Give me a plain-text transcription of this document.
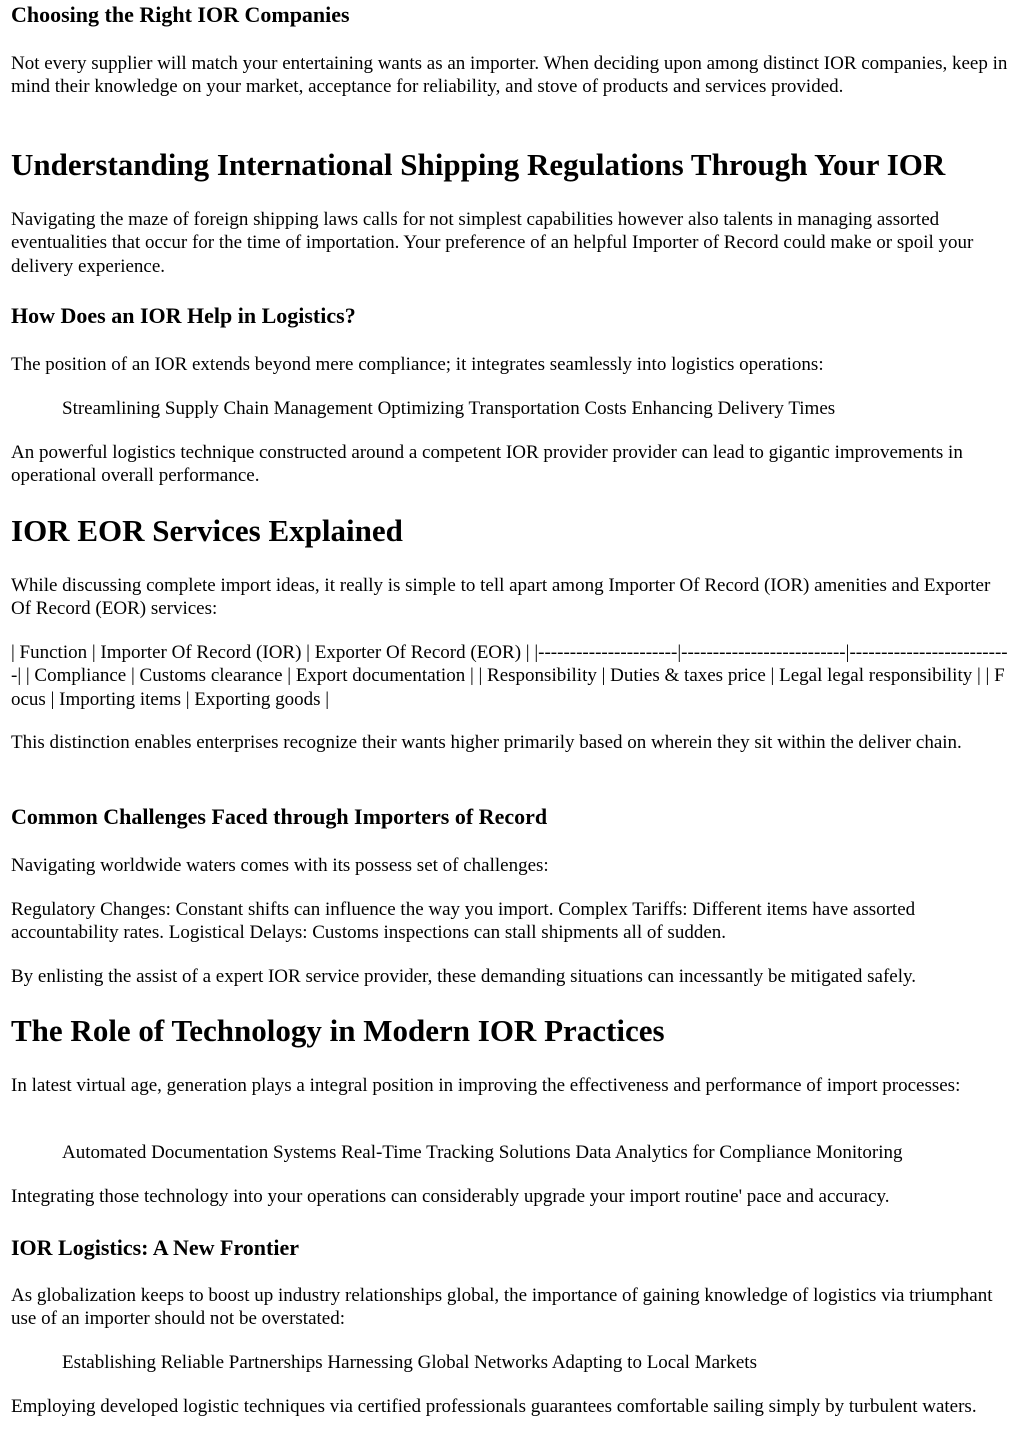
Choosing the Right IOR Companies

Not every supplier will match your entertaining wants as an importer. When deciding upon among distinct IOR companies, keep in mind their knowledge on your market, acceptance for reliability, and stove of products and services provided.

Understanding International Shipping Regulations Through Your IOR

Navigating the maze of foreign shipping laws calls for not simplest capabilities however also talents in managing assorted eventualities that occur for the time of importation. Your preference of an helpful Importer of Record could make or spoil your delivery experience.

How Does an IOR Help in Logistics?

The position of an IOR extends beyond mere compliance; it integrates seamlessly into logistics operations:

Streamlining Supply Chain Management Optimizing Transportation Costs Enhancing Delivery Times

An powerful logistics technique constructed around a competent IOR provider provider can lead to gigantic improvements in operational overall performance.

IOR EOR Services Explained

While discussing complete import ideas, it really is simple to tell apart among Importer Of Record (IOR) amenities and Exporter Of Record (EOR) services:

| Function | Importer Of Record (IOR) | Exporter Of Record (EOR) | |----------------------|--------------------------|--------------------------| | Compliance | Customs clearance | Export documentation | | Responsibility | Duties & taxes price | Legal legal responsibility | | Focus | Importing items | Exporting goods |

This distinction enables enterprises recognize their wants higher primarily based on wherein they sit within the deliver chain.

Common Challenges Faced through Importers of Record

Navigating worldwide waters comes with its possess set of challenges:

Regulatory Changes: Constant shifts can influence the way you import. Complex Tariffs: Different items have assorted accountability rates. Logistical Delays: Customs inspections can stall shipments all of sudden.

By enlisting the assist of a expert IOR service provider, these demanding situations can incessantly be mitigated safely.

The Role of Technology in Modern IOR Practices

In latest virtual age, generation plays a integral position in improving the effectiveness and performance of import processes:

Automated Documentation Systems Real-Time Tracking Solutions Data Analytics for Compliance Monitoring

Integrating those technology into your operations can considerably upgrade your import routine' pace and accuracy.

IOR Logistics: A New Frontier

As globalization keeps to boost up industry relationships global, the importance of gaining knowledge of logistics via triumphant use of an importer should not be overstated:

Establishing Reliable Partnerships Harnessing Global Networks Adapting to Local Markets

Employing developed logistic techniques via certified professionals guarantees comfortable sailing simply by turbulent waters.
